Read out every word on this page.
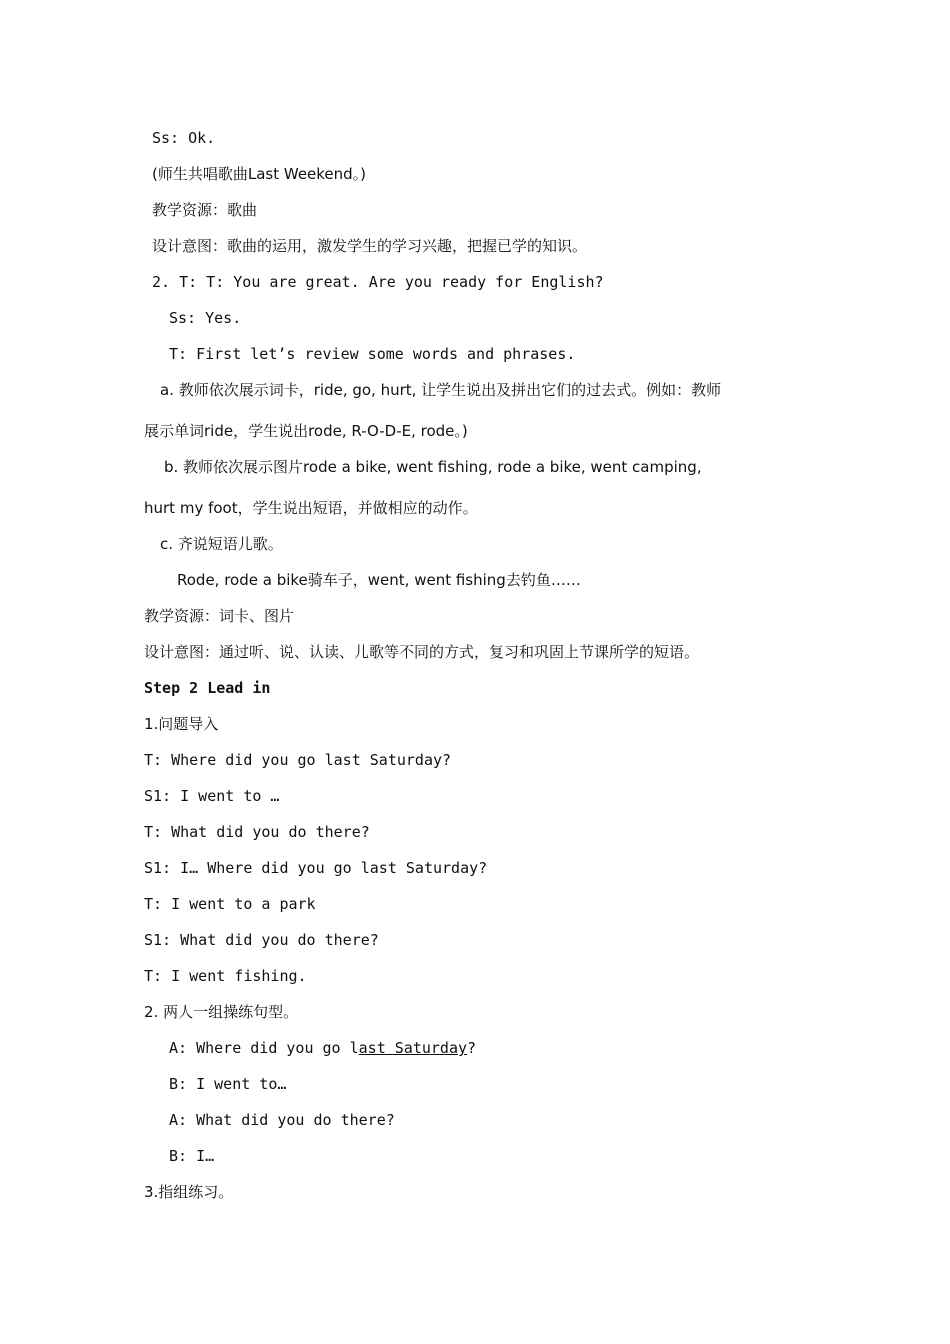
Ss: Ok.
(师生共唱歌曲Last Weekend。)
教学资源：歌曲
设计意图：歌曲的运用，激发学生的学习兴趣，把握已学的知识。
2. T: T: You are great. Are you ready for English?
Ss: Yes.
T: First let’s review some words and phrases.
a. 教师依次展示词卡，ride, go, hurt, 让学生说出及拼出它们的过去式。例如：教师
展示单词ride，学生说出rode, R-O-D-E, rode。)
b. 教师依次展示图片rode a bike, went fishing, rode a bike, went camping,
hurt my foot，学生说出短语，并做相应的动作。
c. 齐说短语儿歌。
Rode, rode a bike骑车子，went, went fishing去钓鱼……
教学资源：词卡、图片
设计意图：通过听、说、认读、儿歌等不同的方式，复习和巩固上节课所学的短语。
Step 2 Lead in
1.问题导入
T: Where did you go last Saturday?
S1: I went to …
T: What did you do there?
S1: I… Where did you go last Saturday?
T: I went to a park
S1: What did you do there?
T: I went fishing.
2. 两人一组操练句型。
A: Where did you go last Saturday?
B: I went to…
A: What did you do there?
B: I…
3.指组练习。
